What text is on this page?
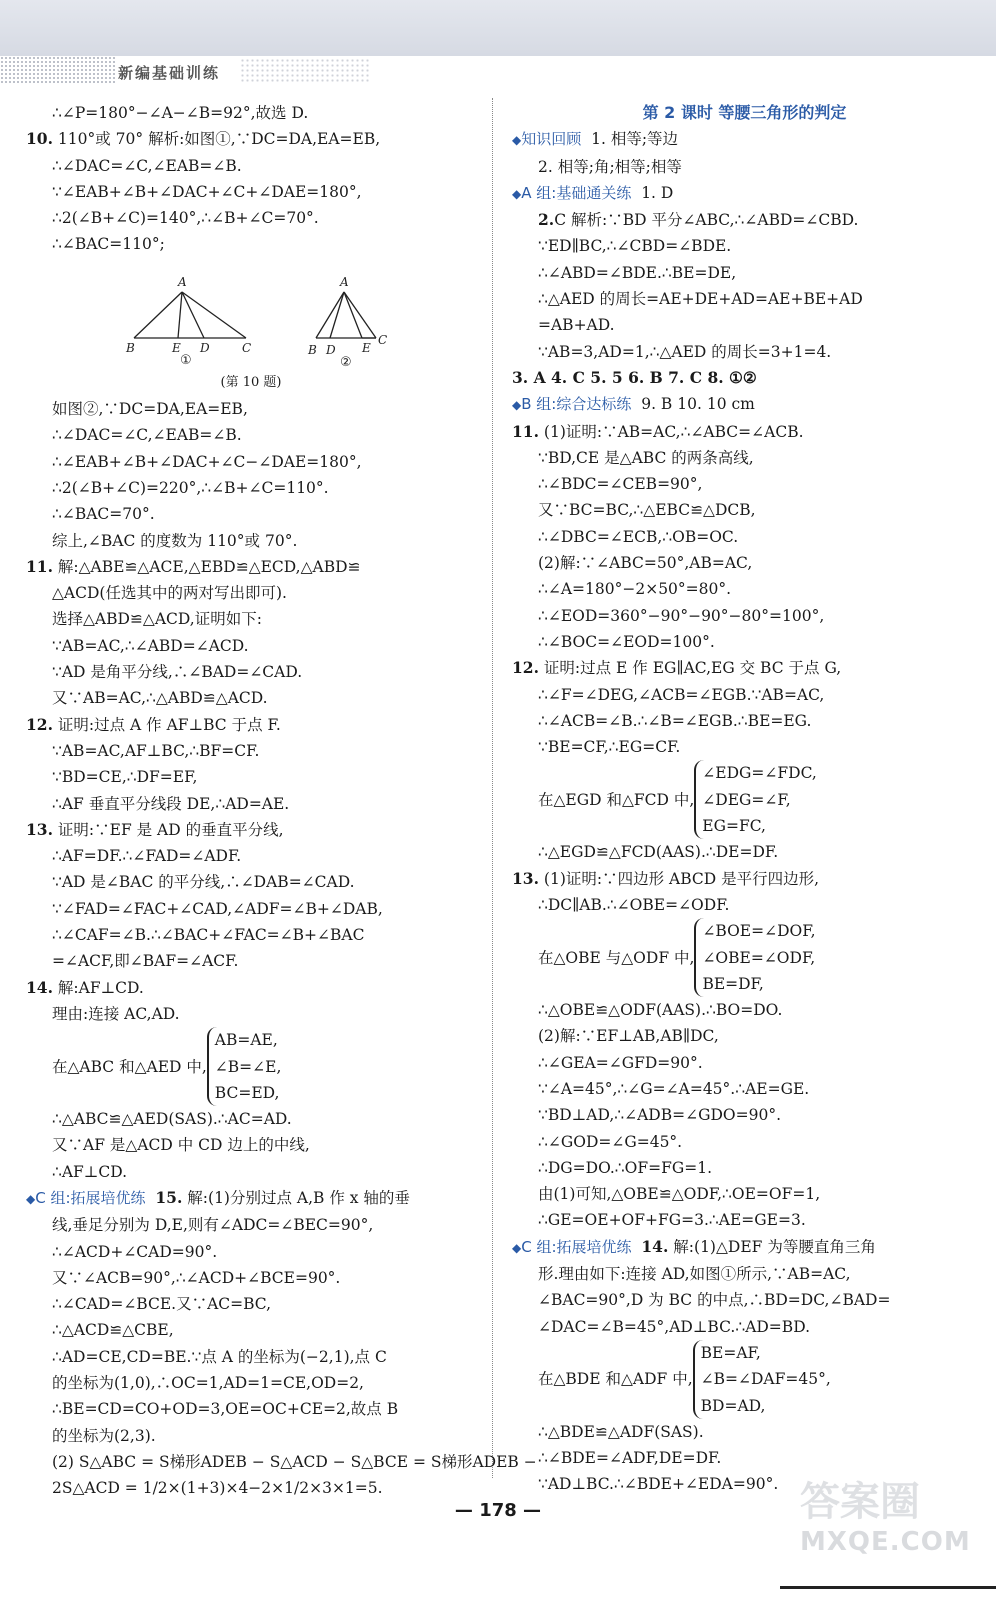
新编基础训练
∴∠P=180°−∠A−∠B=92°,故选 D.
10. 110°或 70° 解析:如图①,∵DC=DA,EA=EB,
∴∠DAC=∠C,∠EAB=∠B.
∵∠EAB+∠B+∠DAC+∠C+∠DAE=180°,
∴2(∠B+∠C)=140°,∴∠B+∠C=70°.
∴∠BAC=110°;
A
B	E D	C
A
B D E
C
①	②
(第 10 题)
如图②,∵DC=DA,EA=EB,
∴∠DAC=∠C,∠EAB=∠B.
∴∠EAB+∠B+∠DAC+∠C−∠DAE=180°,
∴2(∠B+∠C)=220°,∴∠B+∠C=110°.
∴∠BAC=70°.
综上,∠BAC 的度数为 110°或 70°.
11. 解:△ABE≌△ACE,△EBD≌△ECD,△ABD≌
△ACD(任选其中的两对写出即可).
选择△ABD≌△ACD,证明如下:
∵AB=AC,∴∠ABD=∠ACD.
∵AD 是角平分线,∴∠BAD=∠CAD.
又∵AB=AC,∴△ABD≌△ACD.
12. 证明:过点 A 作 AF⊥BC 于点 F.
∵AB=AC,AF⊥BC,∴BF=CF.
∵BD=CE,∴DF=EF,
∴AF 垂直平分线段 DE,∴AD=AE.
13. 证明:∵EF 是 AD 的垂直平分线,
∴AF=DF.∴∠FAD=∠ADF.
∵AD 是∠BAC 的平分线,∴∠DAB=∠CAD.
∵∠FAD=∠FAC+∠CAD,∠ADF=∠B+∠DAB,
∴∠CAF=∠B.∴∠BAC+∠FAC=∠B+∠BAC
=∠ACF,即∠BAF=∠ACF.
14. 解:AF⊥CD.
理由:连接 AC,AD.
在△ABC 和△AED 中,
AB=AE,
∠B=∠E,
BC=ED,
∴△ABC≌△AED(SAS).∴AC=AD.
又∵AF 是△ACD 中 CD 边上的中线,
∴AF⊥CD.
◆C 组:拓展培优练 15. 解:(1)分别过点 A,B 作 x 轴的垂
线,垂足分别为 D,E,则有∠ADC=∠BEC=90°,
∴∠ACD+∠CAD=90°.
又∵∠ACB=90°,∴∠ACD+∠BCE=90°.
∴∠CAD=∠BCE.又∵AC=BC,
∴△ACD≌△CBE,
∴AD=CE,CD=BE.∵点 A 的坐标为(−2,1),点 C
的坐标为(1,0),∴OC=1,AD=1=CE,OD=2,
∴BE=CD=CO+OD=3,OE=OC+CE=2,故点 B
的坐标为(2,3).
(2) S△ABC = S梯形ADEB − S△ACD − S△BCE = S梯形ADEB −
2S△ACD = 1/2×(1+3)×4−2×1/2×3×1=5.
第 2 课时 等腰三角形的判定
◆知识回顾 1. 相等;等边
2. 相等;角;相等;相等
◆A 组:基础通关练 1. D
2.C 解析:∵BD 平分∠ABC,∴∠ABD=∠CBD.
∵ED∥BC,∴∠CBD=∠BDE.
∴∠ABD=∠BDE.∴BE=DE,
∴△AED 的周长=AE+DE+AD=AE+BE+AD
=AB+AD.
∵AB=3,AD=1,∴△AED 的周长=3+1=4.
3. A 4. C 5. 5 6. B 7. C 8. ①②
◆B 组:综合达标练 9. B 10. 10 cm
11. (1)证明:∵AB=AC,∴∠ABC=∠ACB.
∵BD,CE 是△ABC 的两条高线,
∴∠BDC=∠CEB=90°,
又∵BC=BC,∴△EBC≌△DCB,
∴∠DBC=∠ECB,∴OB=OC.
(2)解:∵∠ABC=50°,AB=AC,
∴∠A=180°−2×50°=80°.
∴∠EOD=360°−90°−90°−80°=100°,
∴∠BOC=∠EOD=100°.
12. 证明:过点 E 作 EG∥AC,EG 交 BC 于点 G,
∴∠F=∠DEG,∠ACB=∠EGB.∵AB=AC,
∴∠ACB=∠B.∴∠B=∠EGB.∴BE=EG.
∵BE=CF,∴EG=CF.
在△EGD 和△FCD 中,
∠EDG=∠FDC,
∠DEG=∠F,
EG=FC,
∴△EGD≌△FCD(AAS).∴DE=DF.
13. (1)证明:∵四边形 ABCD 是平行四边形,
∴DC∥AB.∴∠OBE=∠ODF.
在△OBE 与△ODF 中,
∠BOE=∠DOF,
∠OBE=∠ODF,
BE=DF,
∴△OBE≌△ODF(AAS).∴BO=DO.
(2)解:∵EF⊥AB,AB∥DC,
∴∠GEA=∠GFD=90°.
∵∠A=45°,∴∠G=∠A=45°.∴AE=GE.
∵BD⊥AD,∴∠ADB=∠GDO=90°.
∴∠GOD=∠G=45°.
∴DG=DO.∴OF=FG=1.
由(1)可知,△OBE≌△ODF,∴OE=OF=1,
∴GE=OE+OF+FG=3.∴AE=GE=3.
◆C 组:拓展培优练 14. 解:(1)△DEF 为等腰直角三角
形.理由如下:连接 AD,如图①所示,∵AB=AC,
∠BAC=90°,D 为 BC 的中点,∴BD=DC,∠BAD=
∠DAC=∠B=45°,AD⊥BC.∴AD=BD.
在△BDE 和△ADF 中,
BE=AF,
∠B=∠DAF=45°,
BD=AD,
∴△BDE≌△ADF(SAS).
∴∠BDE=∠ADF,DE=DF.
∵AD⊥BC.∴∠BDE+∠EDA=90°.
— 178 —	答案圈
MXQE.COM
